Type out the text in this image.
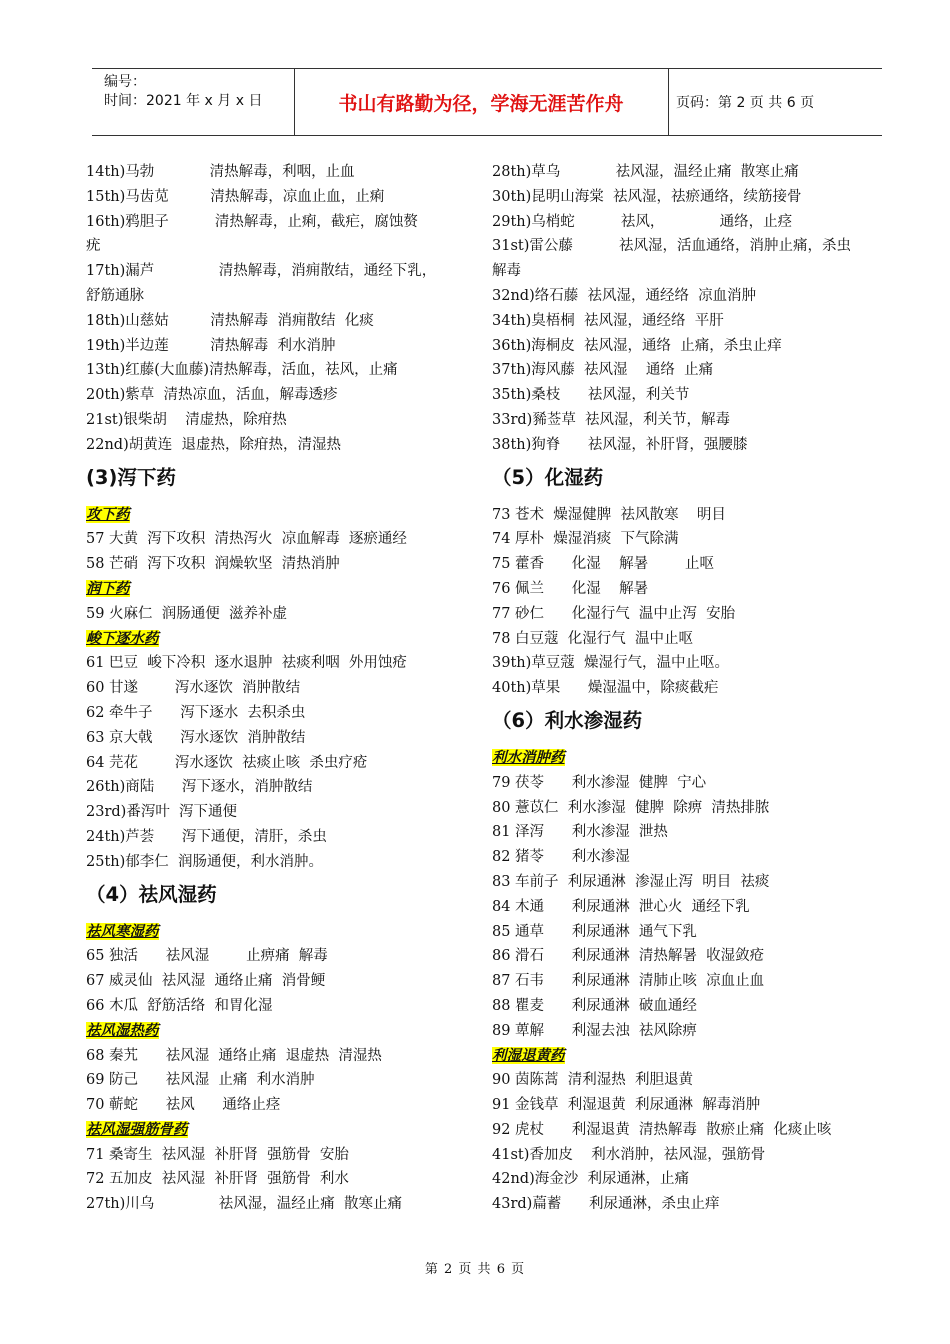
编号：
时间：2021 年 x 月 x 日	书山有路勤为径，学海无涯苦作舟	页码：第 2 页 共 6 页
14th)马勃            清热解毒，利咽，止血
15th)马齿苋         清热解毒，凉血止血，止痢
16th)鸦胆子          清热解毒，止痢，截疟，腐蚀赘
疣
17th)漏芦              清热解毒，消痈散结，通经下乳，
舒筋通脉
18th)山慈姑         清热解毒  消痈散结  化痰
19th)半边莲         清热解毒  利水消肿
13th)红藤(大血藤)清热解毒，活血，祛风，止痛
20th)紫草  清热凉血，活血，解毒透疹
21st)银柴胡    清虚热，除疳热
22nd)胡黄连  退虚热，除疳热，清湿热
(3)泻下药
攻下药
57 大黄  泻下攻积  清热泻火  凉血解毒  逐瘀通经
58 芒硝  泻下攻积  润燥软坚  清热消肿
润下药
59 火麻仁  润肠通便  滋养补虚
峻下逐水药
61 巴豆  峻下冷积  逐水退肿  祛痰利咽  外用蚀疮
60 甘遂        泻水逐饮  消肿散结
62 牵牛子      泻下逐水  去积杀虫
63 京大戟      泻水逐饮  消肿散结
64 芫花        泻水逐饮  祛痰止咳  杀虫疗疮
26th)商陆      泻下逐水，消肿散结
23rd)番泻叶  泻下通便
24th)芦荟      泻下通便，清肝，杀虫
25th)郁李仁  润肠通便，利水消肿。
（4）祛风湿药
祛风寒湿药
65 独活      祛风湿        止痹痛  解毒
67 威灵仙  祛风湿  通络止痛  消骨鲠
66 木瓜  舒筋活络  和胃化湿
祛风湿热药
68 秦艽      祛风湿  通络止痛  退虚热  清湿热
69 防己      祛风湿  止痛  利水消肿
70 蕲蛇      祛风      通络止痉
祛风湿强筋骨药
71 桑寄生  祛风湿  补肝肾  强筋骨  安胎
72 五加皮  祛风湿  补肝肾  强筋骨  利水
27th)川乌              祛风湿，温经止痛  散寒止痛
28th)草乌            祛风湿，温经止痛  散寒止痛
30th)昆明山海棠  祛风湿，祛瘀通络，续筋接骨
29th)乌梢蛇          祛风，            通络，止痉
31st)雷公藤          祛风湿，活血通络，消肿止痛，杀虫
解毒
32nd)络石藤  祛风湿，通经络  凉血消肿
34th)臭梧桐  祛风湿，通经络  平肝
36th)海桐皮  祛风湿，通络  止痛，杀虫止痒
37th)海风藤  祛风湿    通络  止痛
35th)桑枝      祛风湿，利关节
33rd)豨莶草  祛风湿，利关节，解毒
38th)狗脊      祛风湿，补肝肾，强腰膝
（5）化湿药
73 苍术  燥湿健脾  祛风散寒    明目
74 厚朴  燥湿消痰  下气除满
75 藿香      化湿    解暑        止呕
76 佩兰      化湿    解暑
77 砂仁      化湿行气  温中止泻  安胎
78 白豆蔻  化湿行气  温中止呕
39th)草豆蔻  燥湿行气，温中止呕。
40th)草果      燥湿温中，除痰截疟
（6）利水渗湿药
利水消肿药
79 茯苓      利水渗湿  健脾  宁心
80 薏苡仁  利水渗湿  健脾  除痹  清热排脓
81 泽泻      利水渗湿  泄热
82 猪苓      利水渗湿
83 车前子  利尿通淋  渗湿止泻  明目  祛痰
84 木通      利尿通淋  泄心火  通经下乳
85 通草      利尿通淋  通气下乳
86 滑石      利尿通淋  清热解暑  收湿敛疮
87 石韦      利尿通淋  清肺止咳  凉血止血
88 瞿麦      利尿通淋  破血通经
89 萆解      利湿去浊  祛风除痹
利湿退黄药
90 茵陈蒿  清利湿热  利胆退黄
91 金钱草  利湿退黄  利尿通淋  解毒消肿
92 虎杖      利湿退黄  清热解毒  散瘀止痛  化痰止咳
41st)香加皮    利水消肿，祛风湿，强筋骨
42nd)海金沙  利尿通淋，止痛
43rd)萹蓄      利尿通淋，杀虫止痒
第 2 页 共 6 页
